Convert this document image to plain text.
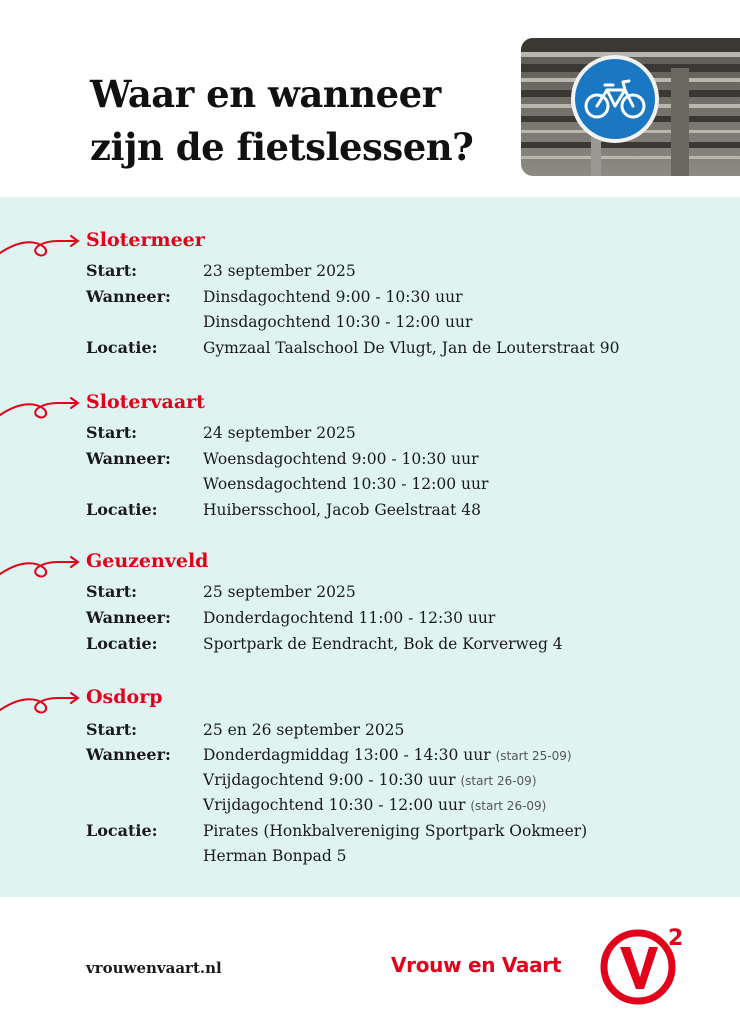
Waar en wanneer
zijn de fietslessen?
Slotermeer
Start:	23 september 2025
Wanneer: Dinsdagochtend 9:00 - 10:30 uur
Dinsdagochtend 10:30 - 12:00 uur
Locatie:	Gymzaal Taalschool De Vlugt, Jan de Louterstraat 90
Slotervaart
Start:	24 september 2025
Wanneer: Woensdagochtend 9:00 - 10:30 uur
Woensdagochtend 10:30 - 12:00 uur
Locatie:	Huibersschool, Jacob Geelstraat 48
Geuzenveld
Start:	25 september 2025
Wanneer: Donderdagochtend 11:00 - 12:30 uur
Locatie:	Sportpark de Eendracht, Bok de Korverweg 4
Osdorp
Start:	25 en 26 september 2025
Wanneer: Donderdagmiddag 13:00 - 14:30 uur (start 25-09)
Vrijdagochtend 9:00 - 10:30 uur (start 26-09)
Vrijdagochtend 10:30 - 12:00 uur (start 26-09)
Locatie:	Pirates (Honkbalvereniging Sportpark Ookmeer)
Herman Bonpad 5
vrouwenvaart.nl	Vrouw en Vaart
2
